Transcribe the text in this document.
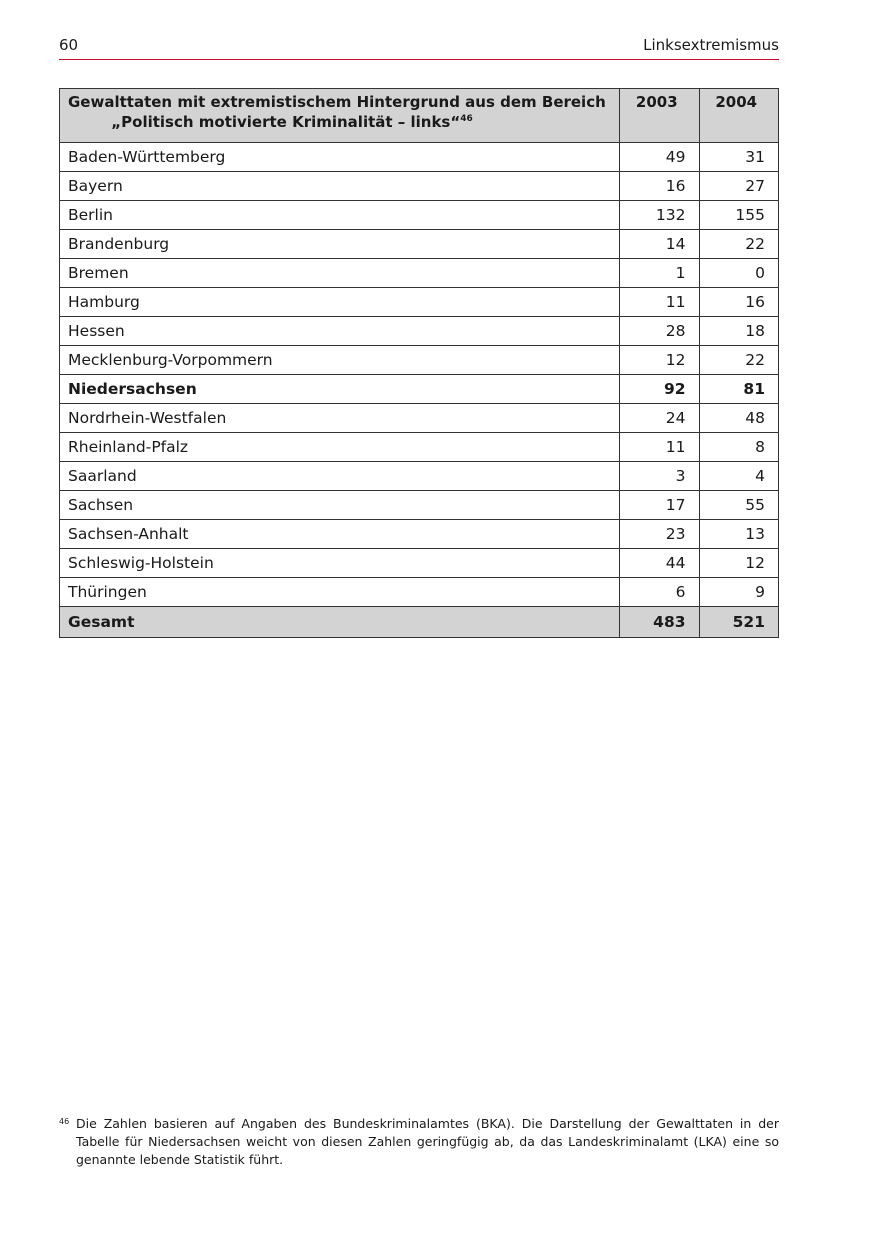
60	Linksextremismus
Gewalttaten mit extremistischem Hintergrund aus dem Bereich
„Politisch motivierte Kriminalität – links“$^{46}$	2003	2004
Baden-Württemberg	49	31
Bayern	16	27
Berlin	132	155
Brandenburg	14	22
Bremen	1	0
Hamburg	11	16
Hessen	28	18
Mecklenburg-Vorpommern	12	22
Niedersachsen	92	81
Nordrhein-Westfalen	24	48
Rheinland-Pfalz	11	8
Saarland	3	4
Sachsen	17	55
Sachsen-Anhalt	23	13
Schleswig-Holstein	44	12
Thüringen	6	9
Gesamt	483	521
46 Die Zahlen basieren auf Angaben des Bundeskriminalamtes (BKA). Die Darstellung der Gewalttaten in der Tabelle für Niedersachsen weicht von diesen Zahlen geringfügig ab, da das Landeskriminalamt (LKA) eine so genannte lebende Statistik führt.
